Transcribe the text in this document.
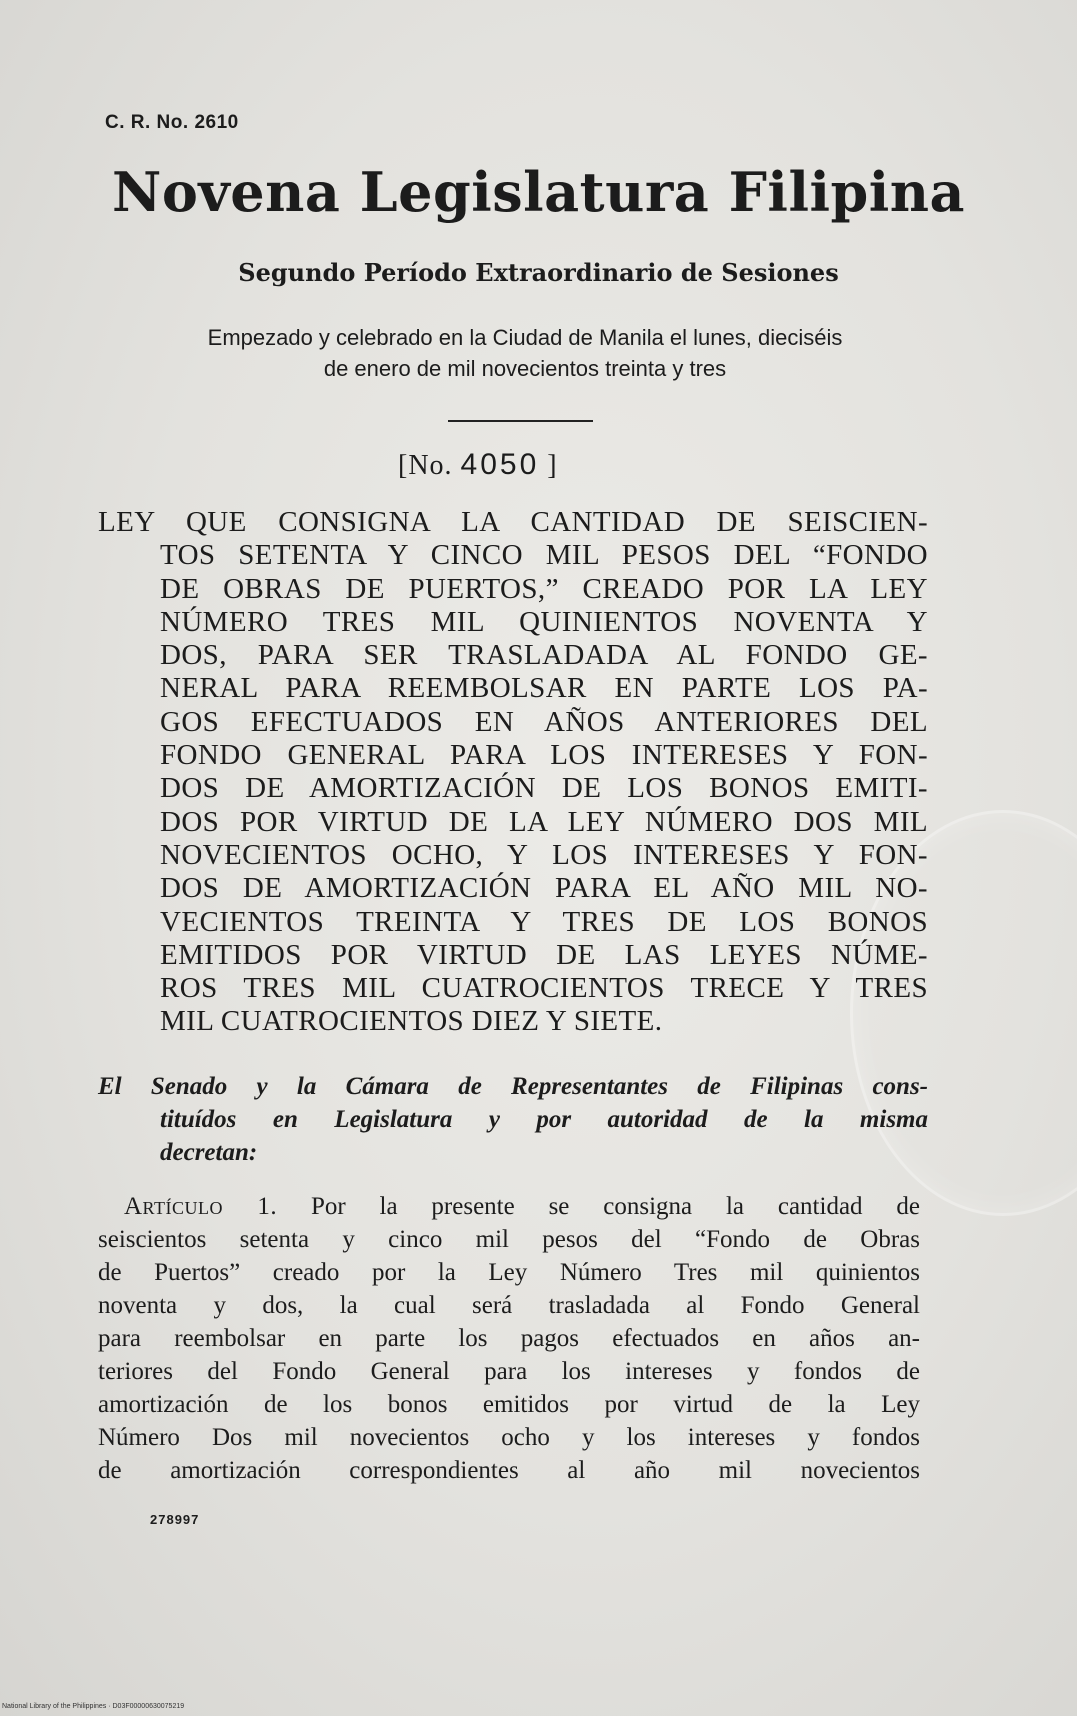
C. R. No. 2610
Novena Legislatura Filipina
Segundo Período Extraordinario de Sesiones
Empezado y celebrado en la Ciudad de Manila el lunes, dieciséis
de enero de mil novecientos treinta y tres
[No. 4050 ]
LEY QUE CONSIGNA LA CANTIDAD DE SEISCIEN-
TOS SETENTA Y CINCO MIL PESOS DEL “FONDO
DE OBRAS DE PUERTOS,” CREADO POR LA LEY
NÚMERO TRES MIL QUINIENTOS NOVENTA Y
DOS, PARA SER TRASLADADA AL FONDO GE-
NERAL PARA REEMBOLSAR EN PARTE LOS PA-
GOS EFECTUADOS EN AÑOS ANTERIORES DEL
FONDO GENERAL PARA LOS INTERESES Y FON-
DOS DE AMORTIZACIÓN DE LOS BONOS EMITI-
DOS POR VIRTUD DE LA LEY NÚMERO DOS MIL
NOVECIENTOS OCHO, Y LOS INTERESES Y FON-
DOS DE AMORTIZACIÓN PARA EL AÑO MIL NO-
VECIENTOS TREINTA Y TRES DE LOS BONOS
EMITIDOS POR VIRTUD DE LAS LEYES NÚME-
ROS TRES MIL CUATROCIENTOS TRECE Y TRES
MIL CUATROCIENTOS DIEZ Y SIETE.
El Senado y la Cámara de Representantes de Filipinas cons-
tituídos en Legislatura y por autoridad de la misma
decretan:
Artículo 1. Por la presente se consigna la cantidad de
seiscientos setenta y cinco mil pesos del “Fondo de Obras
de Puertos” creado por la Ley Número Tres mil quinientos
noventa y dos, la cual será trasladada al Fondo General
para reembolsar en parte los pagos efectuados en años an-
teriores del Fondo General para los intereses y fondos de
amortización de los bonos emitidos por virtud de la Ley
Número Dos mil novecientos ocho y los intereses y fondos
de amortización correspondientes al año mil novecientos
278997
National Library of the Philippines · D03F00000630075219
